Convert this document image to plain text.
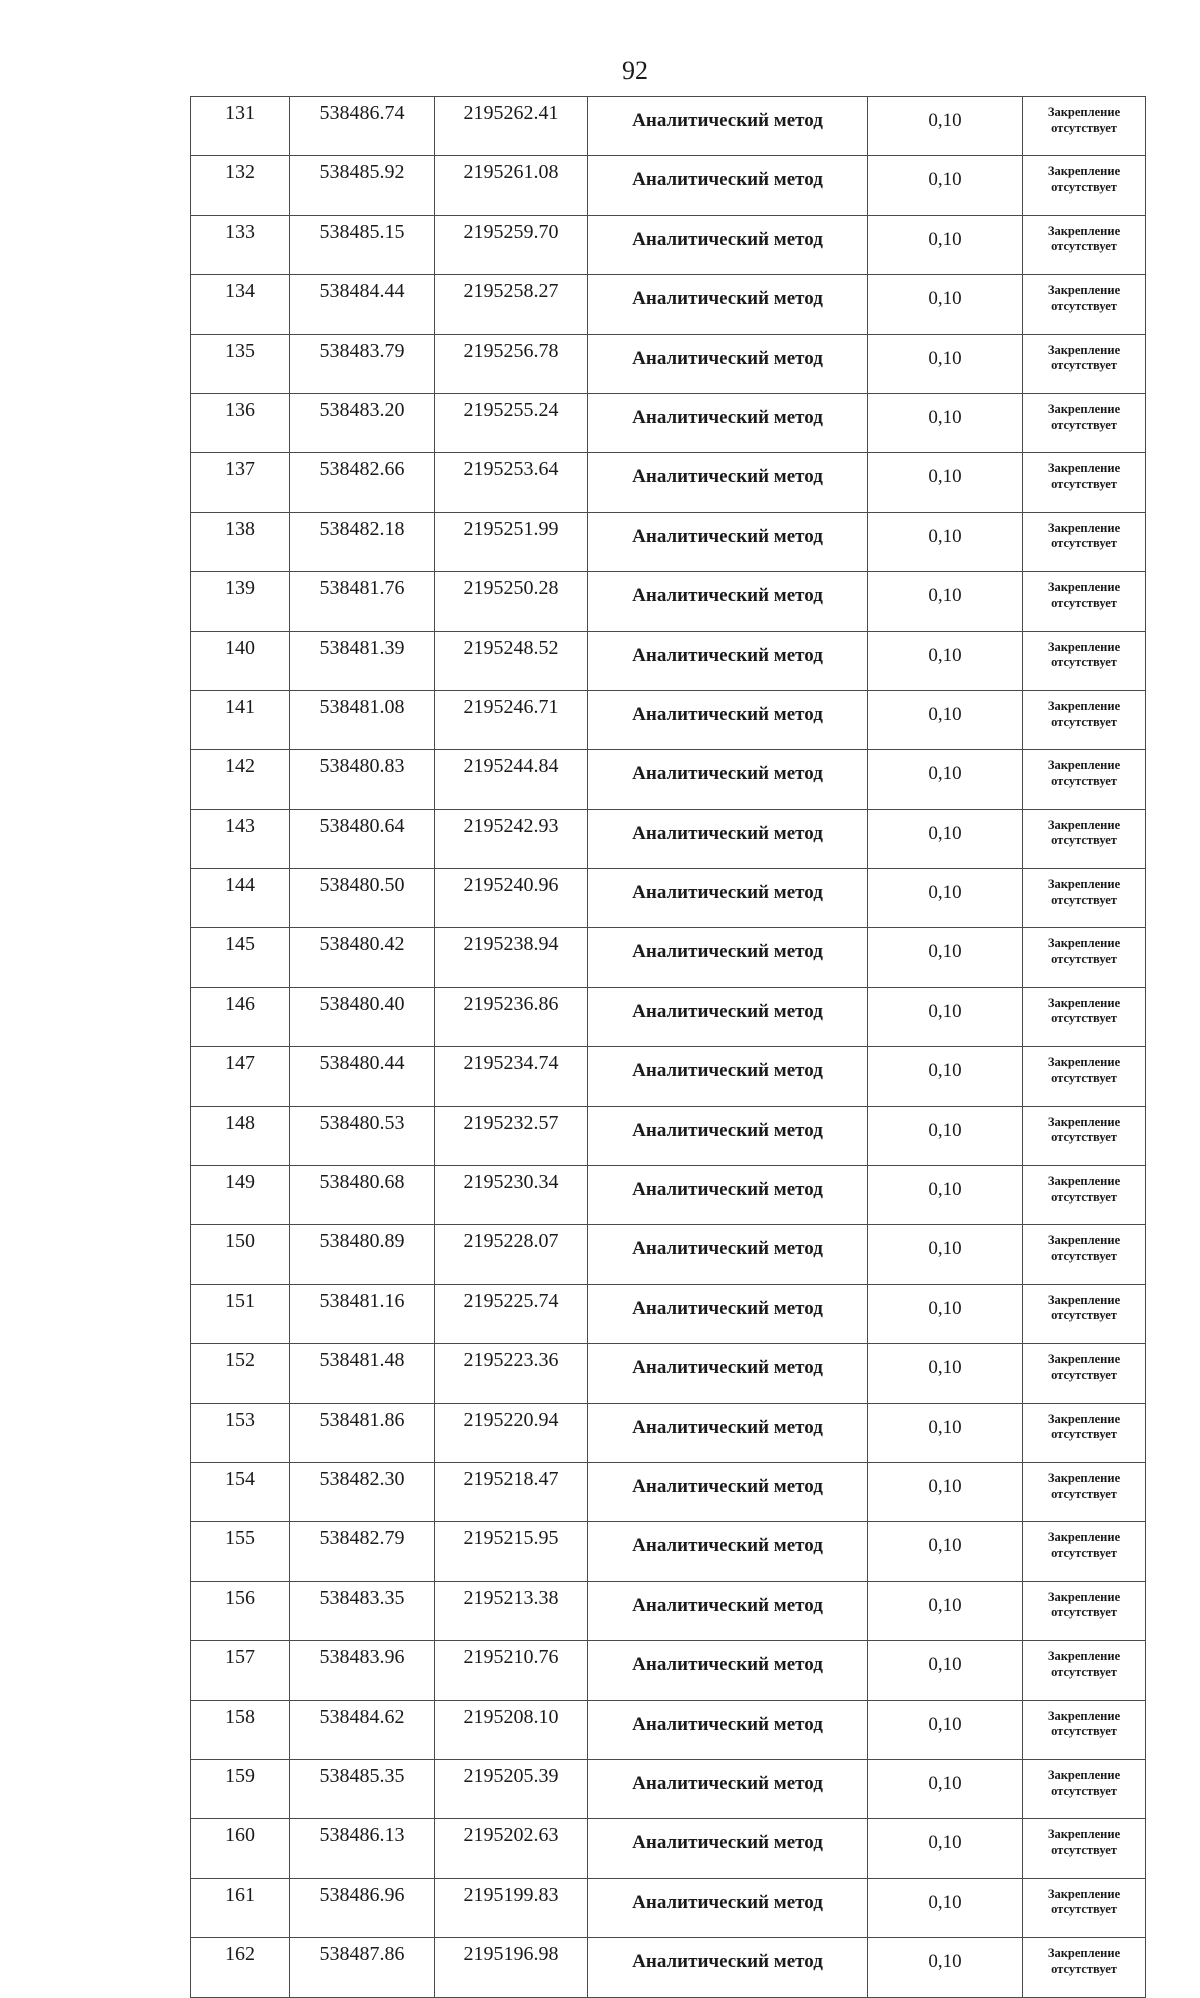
92
131	538486.74	2195262.41	Аналитический метод	0,10	Закрепление отсутствует
132	538485.92	2195261.08	Аналитический метод	0,10	Закрепление отсутствует
133	538485.15	2195259.70	Аналитический метод	0,10	Закрепление отсутствует
134	538484.44	2195258.27	Аналитический метод	0,10	Закрепление отсутствует
135	538483.79	2195256.78	Аналитический метод	0,10	Закрепление отсутствует
136	538483.20	2195255.24	Аналитический метод	0,10	Закрепление отсутствует
137	538482.66	2195253.64	Аналитический метод	0,10	Закрепление отсутствует
138	538482.18	2195251.99	Аналитический метод	0,10	Закрепление отсутствует
139	538481.76	2195250.28	Аналитический метод	0,10	Закрепление отсутствует
140	538481.39	2195248.52	Аналитический метод	0,10	Закрепление отсутствует
141	538481.08	2195246.71	Аналитический метод	0,10	Закрепление отсутствует
142	538480.83	2195244.84	Аналитический метод	0,10	Закрепление отсутствует
143	538480.64	2195242.93	Аналитический метод	0,10	Закрепление отсутствует
144	538480.50	2195240.96	Аналитический метод	0,10	Закрепление отсутствует
145	538480.42	2195238.94	Аналитический метод	0,10	Закрепление отсутствует
146	538480.40	2195236.86	Аналитический метод	0,10	Закрепление отсутствует
147	538480.44	2195234.74	Аналитический метод	0,10	Закрепление отсутствует
148	538480.53	2195232.57	Аналитический метод	0,10	Закрепление отсутствует
149	538480.68	2195230.34	Аналитический метод	0,10	Закрепление отсутствует
150	538480.89	2195228.07	Аналитический метод	0,10	Закрепление отсутствует
151	538481.16	2195225.74	Аналитический метод	0,10	Закрепление отсутствует
152	538481.48	2195223.36	Аналитический метод	0,10	Закрепление отсутствует
153	538481.86	2195220.94	Аналитический метод	0,10	Закрепление отсутствует
154	538482.30	2195218.47	Аналитический метод	0,10	Закрепление отсутствует
155	538482.79	2195215.95	Аналитический метод	0,10	Закрепление отсутствует
156	538483.35	2195213.38	Аналитический метод	0,10	Закрепление отсутствует
157	538483.96	2195210.76	Аналитический метод	0,10	Закрепление отсутствует
158	538484.62	2195208.10	Аналитический метод	0,10	Закрепление отсутствует
159	538485.35	2195205.39	Аналитический метод	0,10	Закрепление отсутствует
160	538486.13	2195202.63	Аналитический метод	0,10	Закрепление отсутствует
161	538486.96	2195199.83	Аналитический метод	0,10	Закрепление отсутствует
162	538487.86	2195196.98	Аналитический метод	0,10	Закрепление отсутствует
